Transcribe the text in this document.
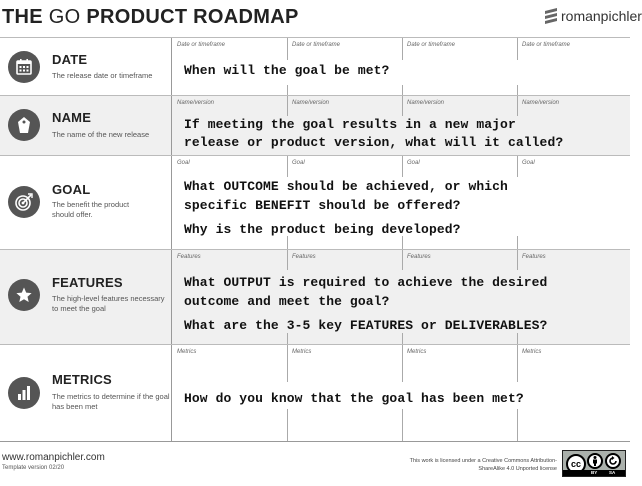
THE GO PRODUCT ROADMAP	romanpichler
DATE
The release date or timeframe
Date or timeframe	Date or timeframe	Date or timeframe	Date or timeframe
When will the goal be met?
NAME
The name of the new release
Name/version	Name/version	Name/version	Name/version
If meeting the goal results in a new major
release or product version, what will it called?
GOAL
The benefit the product should offer.
Goal	Goal	Goal	Goal
What OUTCOME should be achieved, or which
specific BENEFIT should be offered?
Why is the product being developed?
FEATURES
The high-level features necessary to meet the goal
Features	Features	Features	Features
What OUTPUT is required to achieve the desired
outcome and meet the goal?
What are the 3-5 key FEATURES or DELIVERABLES?
METRICS
The metrics to determine if the goal has been met
Metrics	Metrics	Metrics	Metrics
How do you know that the goal has been met?
www.romanpichler.com
Template version 02/20
This work is licensed under a Creative Commons Attribution-ShareAlike 4.0 Unported license cc
BY	SA
